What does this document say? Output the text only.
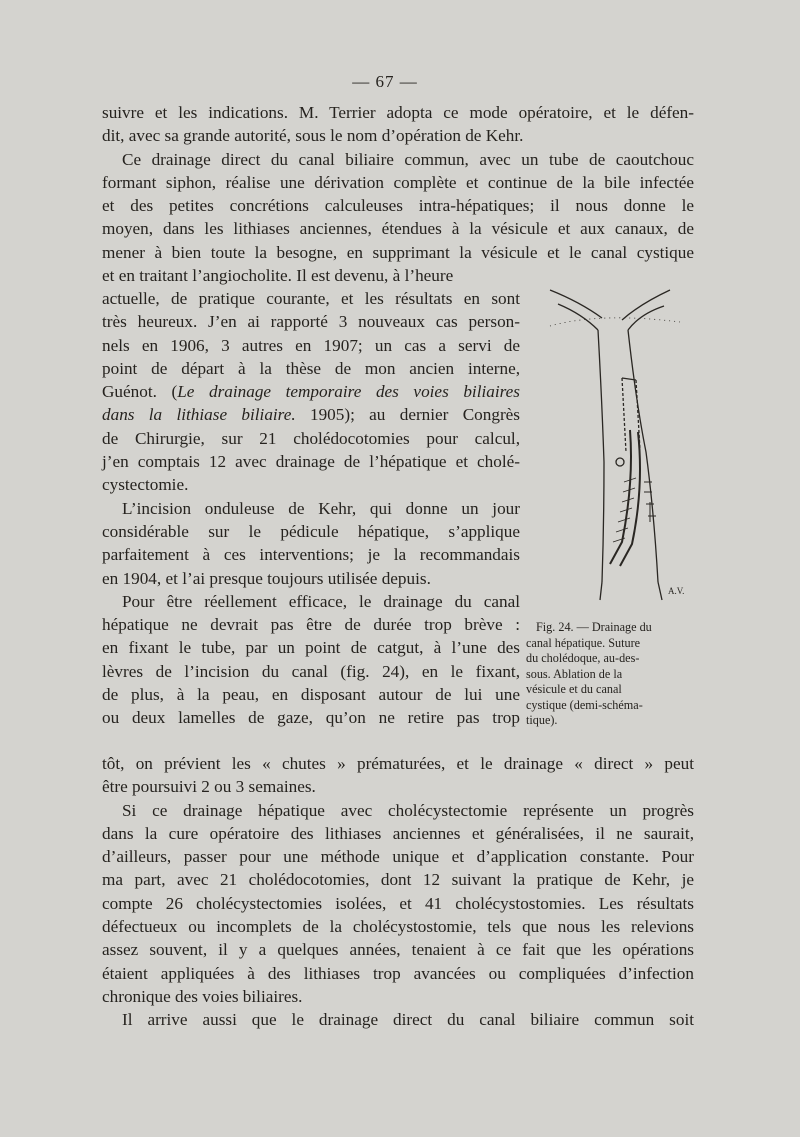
— 67 —

suivre et les indications. M. Terrier adopta ce mode opératoire, et le défen-

dit, avec sa grande autorité, sous le nom d’opération de Kehr.

Ce drainage direct du canal biliaire commun, avec un tube de caoutchouc

formant siphon, réalise une dérivation complète et continue de la bile infectée

et des petites concrétions calculeuses intra-hépatiques; il nous donne le

moyen, dans les lithiases anciennes, étendues à la vésicule et aux canaux, de

mener à bien toute la besogne, en supprimant la vésicule et le canal cystique

et en traitant l’angiocholite. Il est devenu, à l’heure

actuelle, de pratique courante, et les résultats en sont

très heureux. J’en ai rapporté 3 nouveaux cas person-

nels en 1906, 3 autres en 1907; un cas a servi de

point de départ à la thèse de mon ancien interne,

Guénot. (Le drainage temporaire des voies biliaires

dans la lithiase biliaire. 1905); au dernier Congrès

de Chirurgie, sur 21 cholédocotomies pour calcul,

j’en comptais 12 avec drainage de l’hépatique et cholé-

cystectomie.

L’incision onduleuse de Kehr, qui donne un jour

considérable sur le pédicule hépatique, s’applique

parfaitement à ces interventions; je la recommandais

en 1904, et l’ai presque toujours utilisée depuis.

Pour être réellement efficace, le drainage du canal

hépatique ne devrait pas être de durée trop brève :

en fixant le tube, par un point de catgut, à l’une des

lèvres de l’incision du canal (fig. 24), en le fixant,

de plus, à la peau, en disposant autour de lui une

ou deux lamelles de gaze, qu’on ne retire pas trop

tôt, on prévient les « chutes » prématurées, et le drainage « direct » peut

être poursuivi 2 ou 3 semaines.

Si ce drainage hépatique avec cholécystectomie représente un progrès

dans la cure opératoire des lithiases anciennes et généralisées, il ne saurait,

d’ailleurs, passer pour une méthode unique et d’application constante. Pour

ma part, avec 21 cholédocotomies, dont 12 suivant la pratique de Kehr, je

compte 26 cholécystectomies isolées, et 41 cholécystostomies. Les résultats

défectueux ou incomplets de la cholécystostomie, tels que nous les relevions

assez souvent, il y a quelques années, tenaient à ce fait que les opérations

étaient appliquées à des lithiases trop avancées ou compliquées d’infection

chronique des voies biliaires.

Il arrive aussi que le drainage direct du canal biliaire commun soit

A.V.
Fig. 24. — Drainage du
canal hépatique. Suture
du cholédoque, au-des-
sous. Ablation de la
vésicule et du canal
cystique (demi-schéma-
tique).
